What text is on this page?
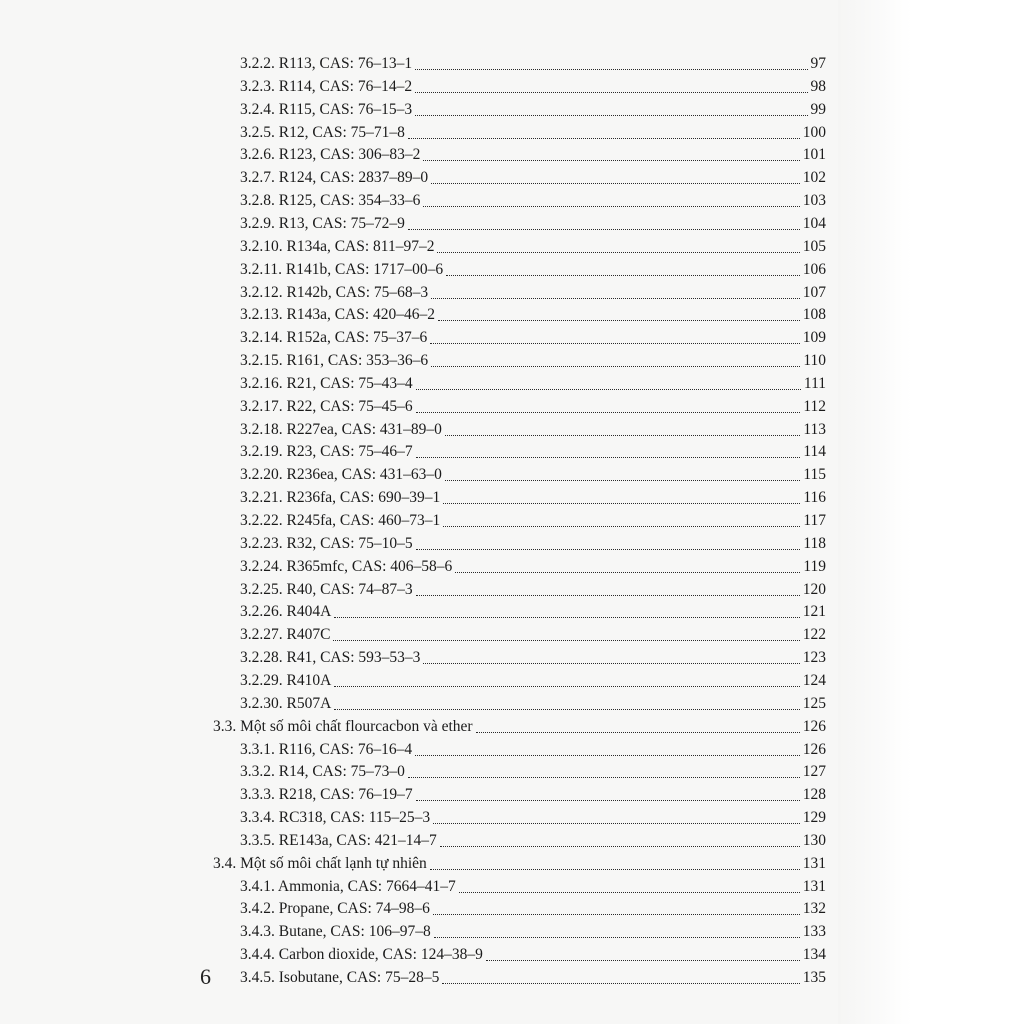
3.2.2. R113, CAS: 76–13–1	97
3.2.3. R114, CAS: 76–14–2	98
3.2.4. R115, CAS: 76–15–3	99
3.2.5. R12, CAS: 75–71–8	100
3.2.6. R123, CAS: 306–83–2	101
3.2.7. R124, CAS: 2837–89–0	102
3.2.8. R125, CAS: 354–33–6	103
3.2.9. R13, CAS: 75–72–9	104
3.2.10. R134a, CAS: 811–97–2	105
3.2.11. R141b, CAS: 1717–00–6	106
3.2.12. R142b, CAS: 75–68–3	107
3.2.13. R143a, CAS: 420–46–2	108
3.2.14. R152a, CAS: 75–37–6	109
3.2.15. R161, CAS: 353–36–6	110
3.2.16. R21, CAS: 75–43–4	111
3.2.17. R22, CAS: 75–45–6	112
3.2.18. R227ea, CAS: 431–89–0	113
3.2.19. R23, CAS: 75–46–7	114
3.2.20. R236ea, CAS: 431–63–0	115
3.2.21. R236fa, CAS: 690–39–1	116
3.2.22. R245fa, CAS: 460–73–1	117
3.2.23. R32, CAS: 75–10–5	118
3.2.24. R365mfc, CAS: 406–58–6	119
3.2.25. R40, CAS: 74–87–3	120
3.2.26. R404A	121
3.2.27. R407C	122
3.2.28. R41, CAS: 593–53–3	123
3.2.29. R410A	124
3.2.30. R507A	125
3.3. Một số môi chất flourcacbon và ether	126
3.3.1. R116, CAS: 76–16–4	126
3.3.2. R14, CAS: 75–73–0	127
3.3.3. R218, CAS: 76–19–7	128
3.3.4. RC318, CAS: 115–25–3	129
3.3.5. RE143a, CAS: 421–14–7	130
3.4. Một số môi chất lạnh tự nhiên	131
3.4.1. Ammonia, CAS: 7664–41–7	131
3.4.2. Propane, CAS: 74–98–6	132
3.4.3. Butane, CAS: 106–97–8	133
3.4.4. Carbon dioxide, CAS: 124–38–9	134
3.4.5. Isobutane, CAS: 75–28–5	135
6
